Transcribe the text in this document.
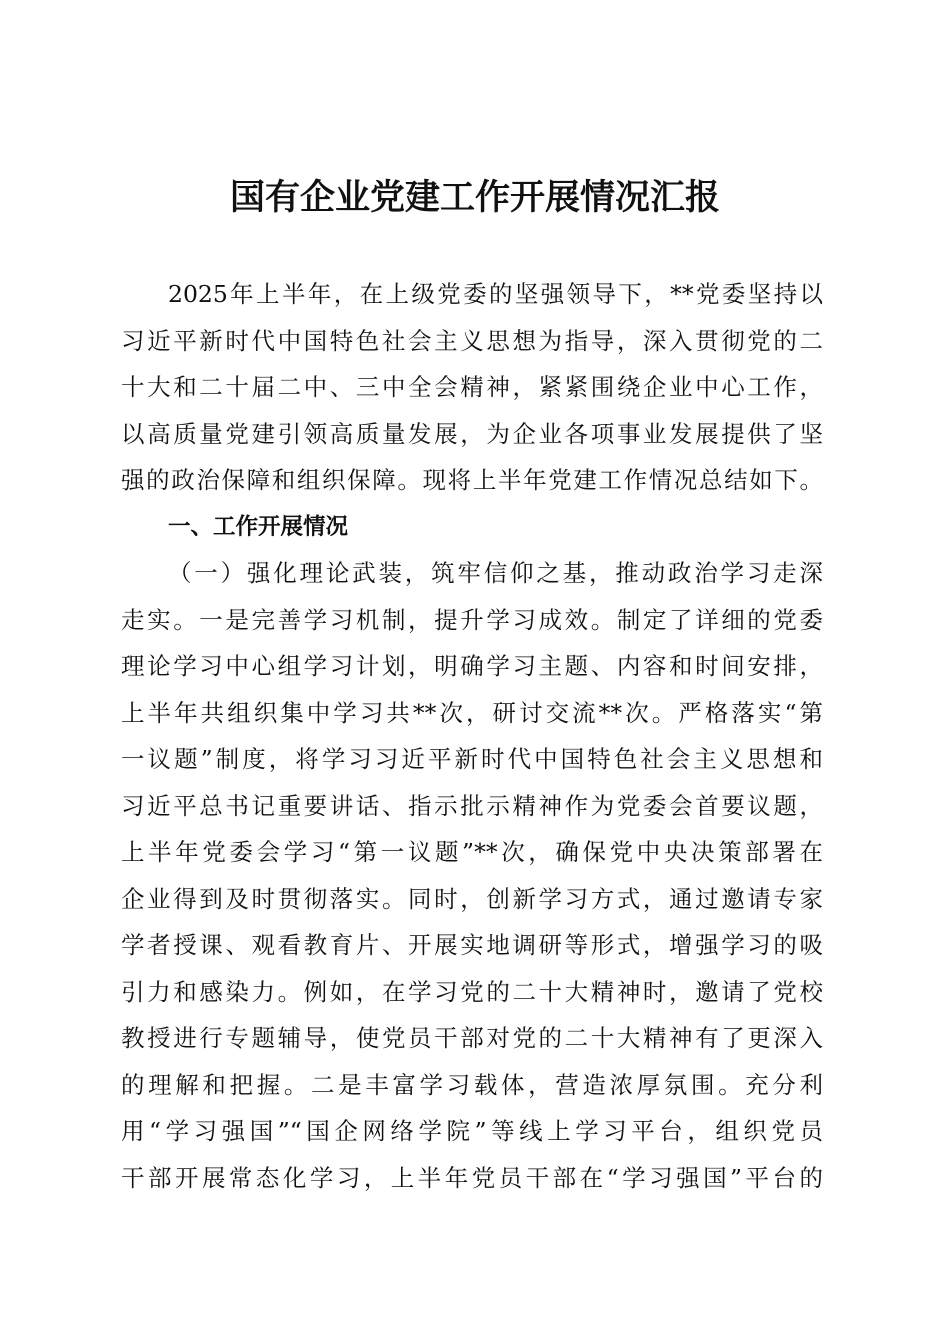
国有企业党建工作开展情况汇报
2025年上半年，在上级党委的坚强领导下，**党委坚持以
习近平新时代中国特色社会主义思想为指导，深入贯彻党的二
十大和二十届二中、三中全会精神，紧紧围绕企业中心工作，
以高质量党建引领高质量发展，为企业各项事业发展提供了坚
强的政治保障和组织保障。现将上半年党建工作情况总结如下。
一、工作开展情况
（一）强化理论武装，筑牢信仰之基，推动政治学习走深
走实。一是完善学习机制，提升学习成效。制定了详细的党委
理论学习中心组学习计划，明确学习主题、内容和时间安排，
上半年共组织集中学习共**次，研讨交流**次。严格落实“第
一议题”制度，将学习习近平新时代中国特色社会主义思想和
习近平总书记重要讲话、指示批示精神作为党委会首要议题，
上半年党委会学习“第一议题”**次，确保党中央决策部署在
企业得到及时贯彻落实。同时，创新学习方式，通过邀请专家
学者授课、观看教育片、开展实地调研等形式，增强学习的吸
引力和感染力。例如，在学习党的二十大精神时，邀请了党校
教授进行专题辅导，使党员干部对党的二十大精神有了更深入
的理解和把握。二是丰富学习载体，营造浓厚氛围。充分利
用“学习强国”“国企网络学院”等线上学习平台，组织党员
干部开展常态化学习，上半年党员干部在“学习强国”平台的
